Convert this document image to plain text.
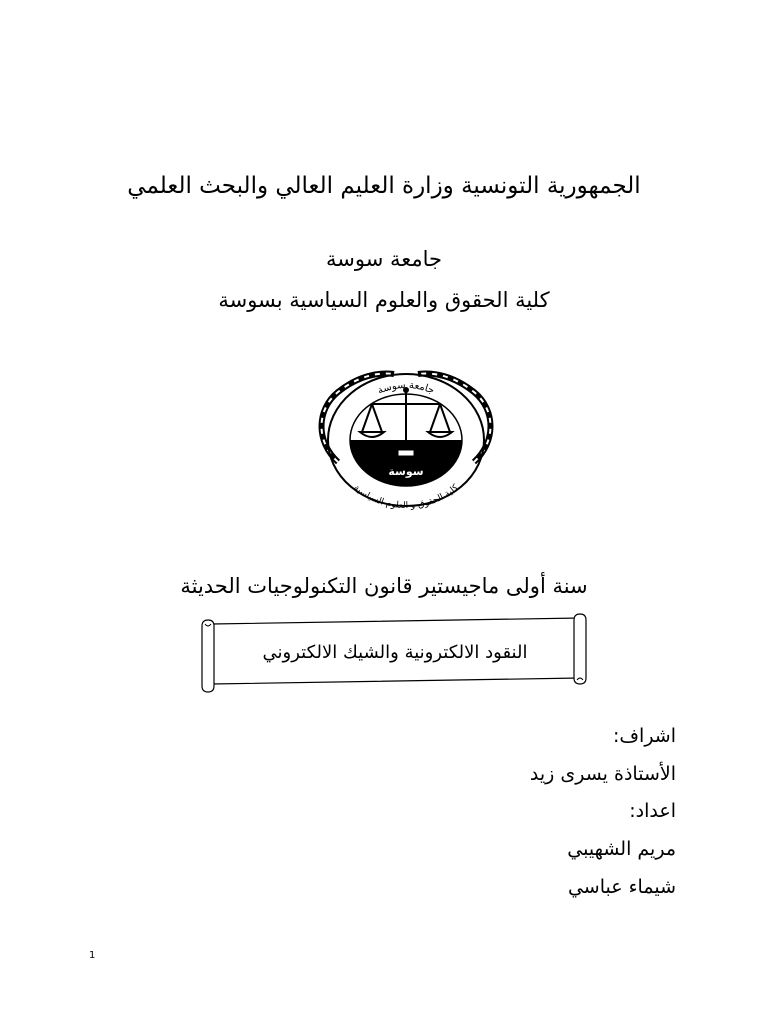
الجمهورية التونسية وزارة العليم العالي والبحث العلمي
جامعة سوسة
كلية الحقوق والعلوم السياسية بسوسة
سوسة
جامعة سوسة
كلية الحقوق و العلوم السياسية
سنة أولى ماجيستير قانون التكنولوجيات الحديثة
النقود الالكترونية والشيك الالكتروني
اشراف:
الأستاذة يسرى زيد
اعداد:
مريم الشهيبي
شيماء عباسي
1
